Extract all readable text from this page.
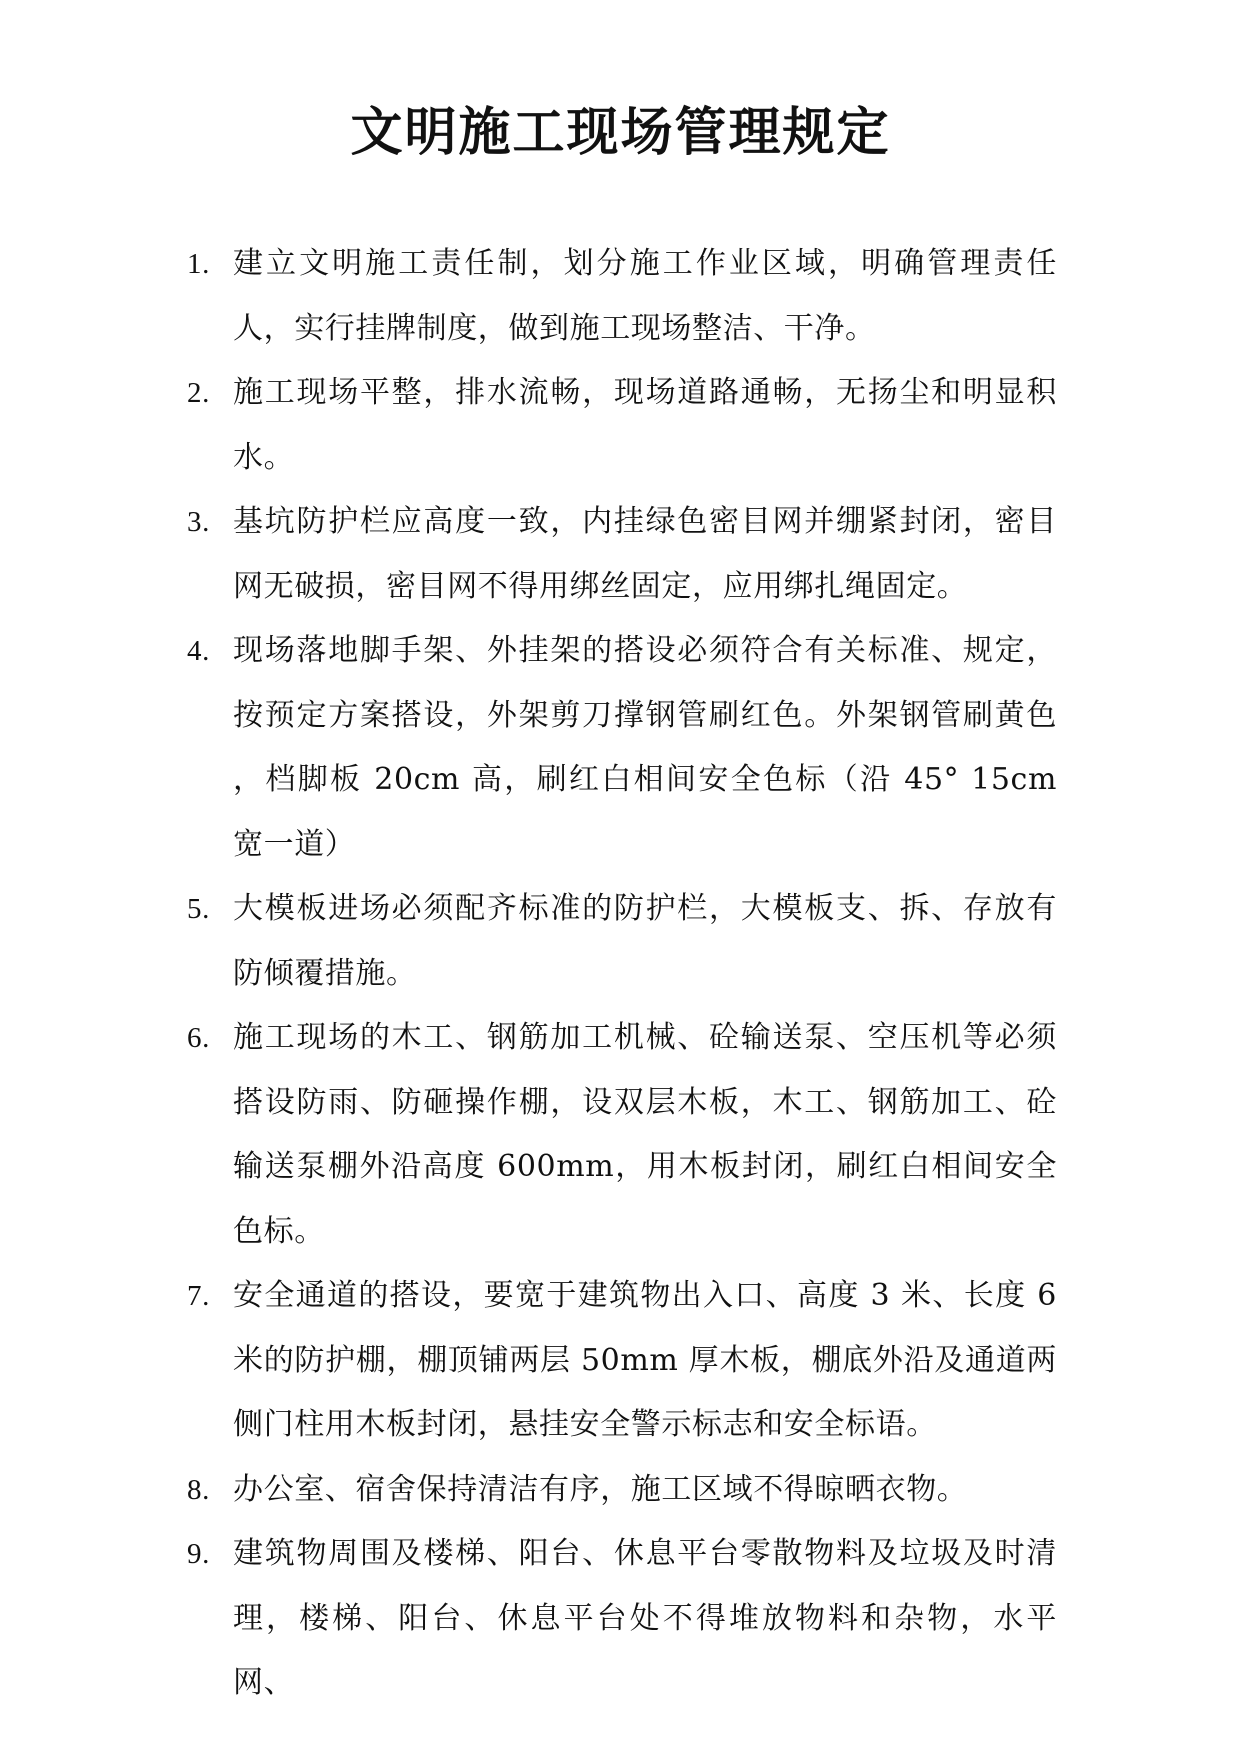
文明施工现场管理规定
1. 建立文明施工责任制，划分施工作业区域，明确管理责任人，实行挂牌制度，做到施工现场整洁、干净。
2. 施工现场平整，排水流畅，现场道路通畅，无扬尘和明显积水。
3. 基坑防护栏应高度一致，内挂绿色密目网并绷紧封闭，密目网无破损，密目网不得用绑丝固定，应用绑扎绳固定。
4. 现场落地脚手架、外挂架的搭设必须符合有关标准、规定，按预定方案搭设，外架剪刀撑钢管刷红色。外架钢管刷黄色 ，档脚板 20cm 高，刷红白相间安全色标（沿 45° 15cm 宽一道）
5. 大模板进场必须配齐标准的防护栏，大模板支、拆、存放有防倾覆措施。
6. 施工现场的木工、钢筋加工机械、砼输送泵、空压机等必须搭设防雨、防砸操作棚，设双层木板，木工、钢筋加工、砼输送泵棚外沿高度 600mm，用木板封闭，刷红白相间安全色标。
7. 安全通道的搭设，要宽于建筑物出入口、高度 3 米、长度 6 米的防护棚，棚顶铺两层 50mm 厚木板，棚底外沿及通道两侧门柱用木板封闭，悬挂安全警示标志和安全标语。
8. 办公室、宿舍保持清洁有序，施工区域不得晾晒衣物。
9. 建筑物周围及楼梯、阳台、休息平台零散物料及垃圾及时清理，楼梯、阳台、休息平台处不得堆放物料和杂物，水平网、
